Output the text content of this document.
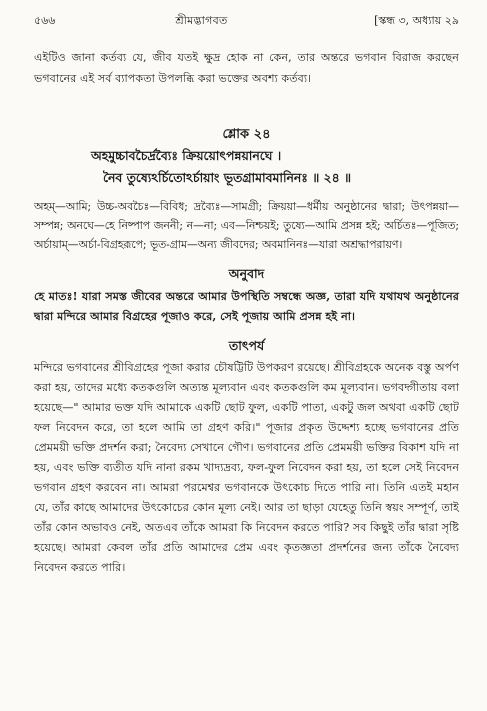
৫৬৬	শ্রীমদ্ভাগবত	[স্কন্ধ ৩, অধ্যায় ২৯

এইটিও জানা কর্তব্য যে, জীব যতই ক্ষুদ্র হোক না কেন, তার অন্তরে ভগবান বিরাজ করছেন ভগবানের এই সর্ব ব্যাপকতা উপলব্ধি করা ভক্তের অবশ্য কর্তব্য।

শ্লোক ২৪
অহমুচ্চাবচৈর্দ্রব্যৈঃ ক্রিয়য়োৎপন্নয়ানঘে ।
নৈব তুষ্যেঽর্চিতোঽর্চায়াং ভূতগ্রামাবমানিনঃ ॥ ২৪ ॥

অহম্—আমি; উচ্চ-অবচৈঃ—বিবিধ; দ্রব্যৈঃ—সামগ্রী; ক্রিয়য়া—ধর্মীয় অনুষ্ঠানের দ্বারা; উৎপন্নয়া—সম্পন্ন; অনঘে—হে নিষ্পাপ জননী; ন—না; এব—নিশ্চয়ই; তুষ্যে—আমি প্রসন্ন হই; অর্চিতঃ—পূজিত; অর্চায়াম্—অর্চা-বিগ্রহরূপে; ভূত-গ্রাম—অন্য জীবদের; অবমানিনঃ—যারা অশ্রদ্ধাপরায়ণ।

অনুবাদ

হে মাতঃ! যারা সমস্ত জীবের অন্তরে আমার উপস্থিতি সম্বন্ধে অজ্ঞ, তারা যদি যথাযথ অনুষ্ঠানের দ্বারা মন্দিরে আমার বিগ্রহের পূজাও করে, সেই পূজায় আমি প্রসন্ন হই না।

তাৎপর্য

মন্দিরে ভগবানের শ্রীবিগ্রহের পূজা করার চৌষট্টিটি উপকরণ রয়েছে। শ্রীবিগ্রহকে অনেক বস্তু অর্পণ করা হয়, তাদের মধ্যে কতকগুলি অত্যন্ত মূল্যবান এবং কতকগুলি কম মূল্যবান। ভগবদ্গীতায় বলা হয়েছে—" আমার ভক্ত যদি আমাকে একটি ছোট ফুল, একটি পাতা, একটু জল অথবা একটি ছোট ফল নিবেদন করে, তা হলে আমি তা গ্রহণ করি।" পূজার প্রকৃত উদ্দেশ্য হচ্ছে ভগবানের প্রতি প্রেমময়ী ভক্তি প্রদর্শন করা; নৈবেদ্য সেখানে গৌণ। ভগবানের প্রতি প্রেমময়ী ভক্তির বিকাশ যদি না হয়, এবং ভক্তি ব্যতীত যদি নানা রকম খাদ্যদ্রব্য, ফল-ফুল নিবেদন করা হয়, তা হলে সেই নিবেদন ভগবান গ্রহণ করবেন না। আমরা পরমেশ্বর ভগবানকে উৎকোচ দিতে পারি না। তিনি এতই মহান যে, তাঁর কাছে আমাদের উৎকোচের কোন মূল্য নেই। আর তা ছাড়া যেহেতু তিনি স্বয়ং সম্পূর্ণ, তাই তাঁর কোন অভাবও নেই, অতএব তাঁকে আমরা কি নিবেদন করতে পারি? সব কিছুই তাঁর দ্বারা সৃষ্টি হয়েছে। আমরা কেবল তাঁর প্রতি আমাদের প্রেম এবং কৃতজ্ঞতা প্রদর্শনের জন্য তাঁকে নৈবেদ্য নিবেদন করতে পারি।
